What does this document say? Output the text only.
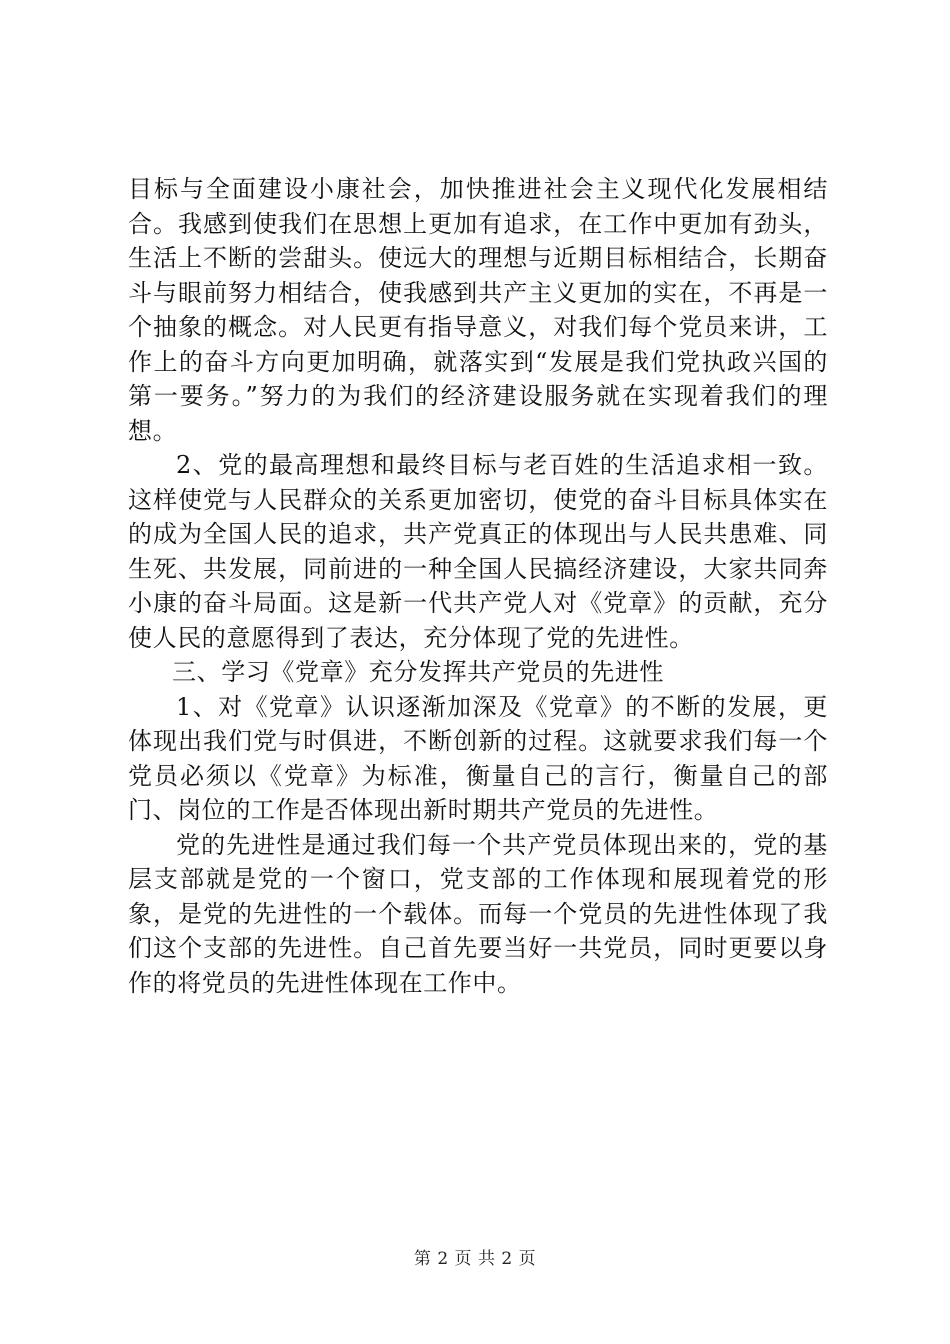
目标与全面建设小康社会，加快推进社会主义现代化发展相结合。我感到使我们在思想上更加有追求，在工作中更加有劲头，生活上不断的尝甜头。使远大的理想与近期目标相结合，长期奋斗与眼前努力相结合，使我感到共产主义更加的实在，不再是一个抽象的概念。对人民更有指导意义，对我们每个党员来讲，工作上的奋斗方向更加明确，就落实到“发展是我们党执政兴国的第一要务。”努力的为我们的经济建设服务就在实现着我们的理想。

2、党的最高理想和最终目标与老百姓的生活追求相一致。这样使党与人民群众的关系更加密切，使党的奋斗目标具体实在的成为全国人民的追求，共产党真正的体现出与人民共患难、同生死、共发展，同前进的一种全国人民搞经济建设，大家共同奔小康的奋斗局面。这是新一代共产党人对《党章》的贡献，充分使人民的意愿得到了表达，充分体现了党的先进性。

三、学习《党章》充分发挥共产党员的先进性

1、对《党章》认识逐渐加深及《党章》的不断的发展，更体现出我们党与时俱进，不断创新的过程。这就要求我们每一个党员必须以《党章》为标准，衡量自己的言行，衡量自己的部门、岗位的工作是否体现出新时期共产党员的先进性。

党的先进性是通过我们每一个共产党员体现出来的，党的基层支部就是党的一个窗口，党支部的工作体现和展现着党的形象，是党的先进性的一个载体。而每一个党员的先进性体现了我们这个支部的先进性。自己首先要当好一共党员，同时更要以身作的将党员的先进性体现在工作中。

第 2 页 共 2 页
